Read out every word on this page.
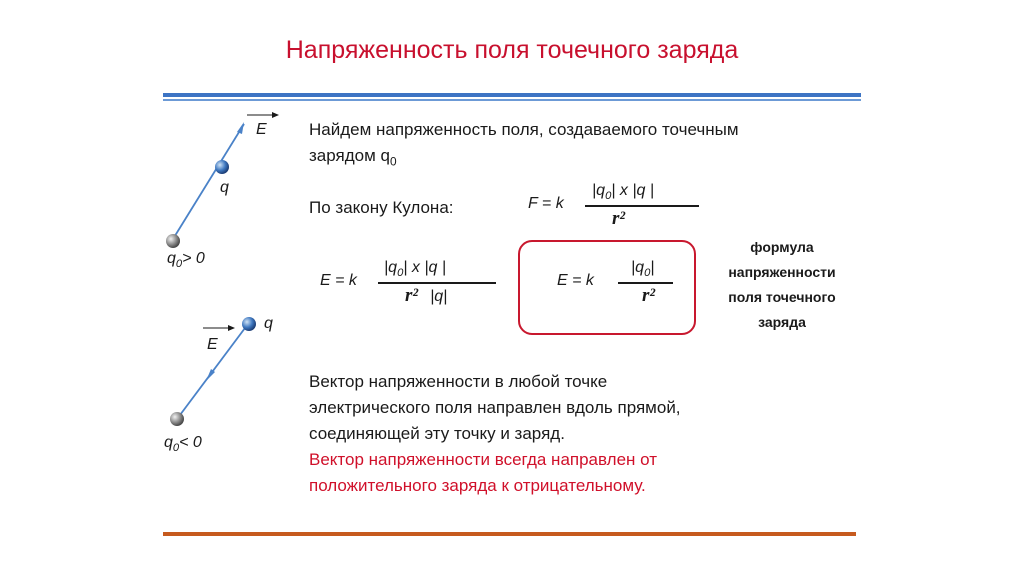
Напряженность поля точечного заряда
E
q
$q_0> 0$
q
E
$q_0< 0$
Найдем напряженность поля, создаваемого точечным
зарядом $q_0$
По закону Кулона:	F = k
$|q_0|$ x |q |
r²
E = k
$|q_0|$ x |q |
r² |q|
E = k
$|q_0|$
r²
формула
напряженности
поля точечного
заряда
Вектор напряженности в любой точке
электрического поля направлен вдоль прямой,
соединяющей эту точку и заряд.
Вектор напряженности всегда направлен от
положительного заряда к отрицательному.
